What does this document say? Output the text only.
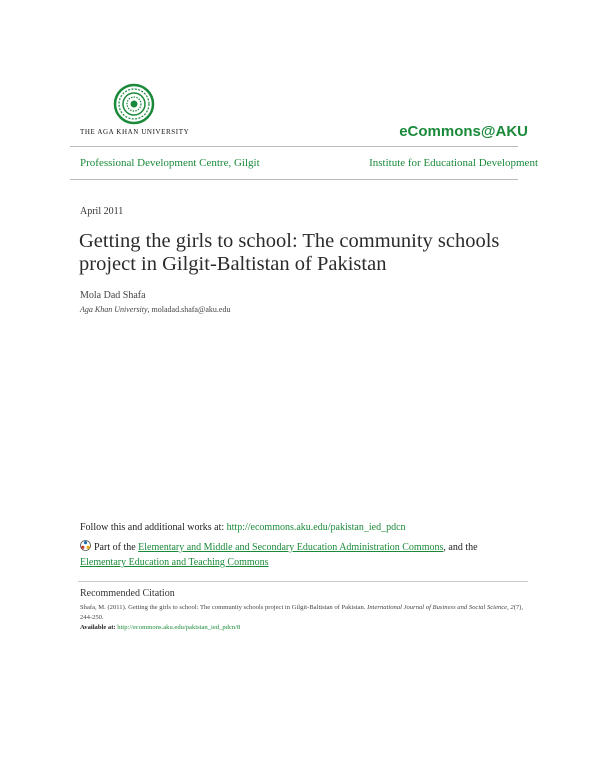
THE AGA KHAN UNIVERSITY	eCommons@AKU
Professional Development Centre, Gilgit	Institute for Educational Development
April 2011
Getting the girls to school: The community schools project in Gilgit-Baltistan of Pakistan
Mola Dad Shafa
Aga Khan University, moladad.shafa@aku.edu
Follow this and additional works at: http://ecommons.aku.edu/pakistan_ied_pdcn
Part of the Elementary and Middle and Secondary Education Administration Commons, and the
Elementary Education and Teaching Commons
Recommended Citation
Shafa, M. (2011). Getting the girls to school: The community schools project in Gilgit-Baltistan of Pakistan. International Journal of Business and Social Science, 2(7), 244-250.
Available at: http://ecommons.aku.edu/pakistan_ied_pdcn/8
